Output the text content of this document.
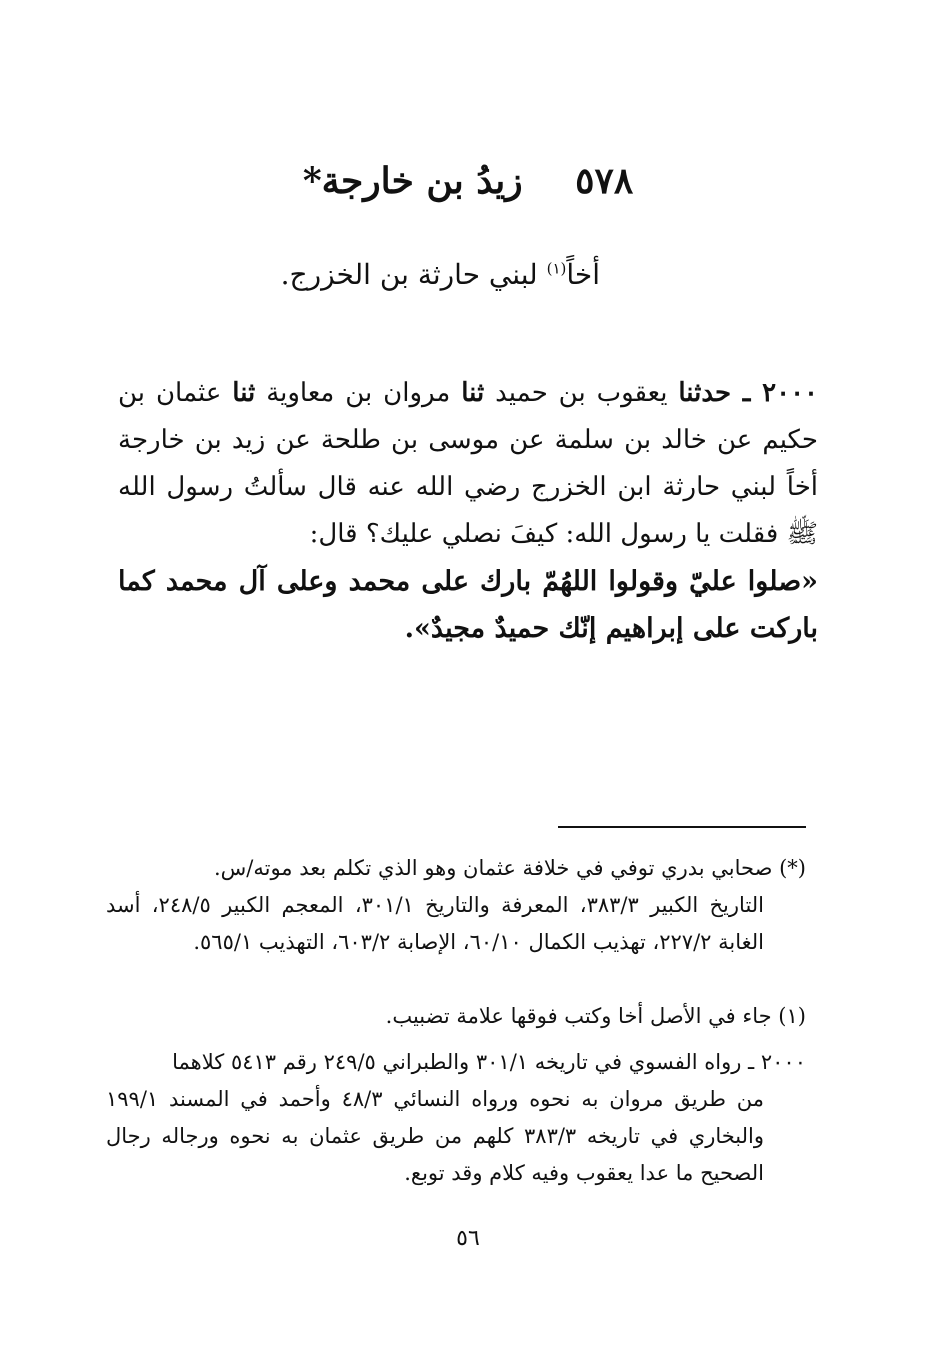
٥٧٨ زيدُ بن خارجة*
أخاً$^{(١)}$ لبني حارثة بن الخزرج.
٢٠٠٠ ـ حدثنا يعقوب بن حميد ثنا مروان بن معاوية ثنا عثمان بن حكيم عن خالد بن سلمة عن موسى بن طلحة عن زيد بن خارجة أخاً لبني حارثة ابن الخزرج رضي الله عنه قال سألتُ رسول الله ﷺ فقلت يا رسول الله: كيفَ نصلي عليك؟ قال:
«صلوا عليّ وقولوا اللهُمّ بارك على محمد وعلى آل محمد كما باركت على إبراهيم إنّك حميدٌ مجيدٌ».
(*) صحابي بدري توفي في خلافة عثمان وهو الذي تكلم بعد موته/س.
التاريخ الكبير ٣٨٣/٣، المعرفة والتاريخ ٣٠١/١، المعجم الكبير ٢٤٨/٥، أسد الغابة ٢٢٧/٢، تهذيب الكمال ٦٠/١٠، الإصابة ٦٠٣/٢، التهذيب ٥٦٥/١.
(١) جاء في الأصل أخا وكتب فوقها علامة تضبيب.
٢٠٠٠ ـ رواه الفسوي في تاريخه ٣٠١/١ والطبراني ٢٤٩/٥ رقم ٥٤١٣ كلاهما
من طريق مروان به نحوه ورواه النسائي ٤٨/٣ وأحمد في المسند ١٩٩/١ والبخاري في تاريخه ٣٨٣/٣ كلهم من طريق عثمان به نحوه ورجاله رجال الصحيح ما عدا يعقوب وفيه كلام وقد توبع.
٥٦
